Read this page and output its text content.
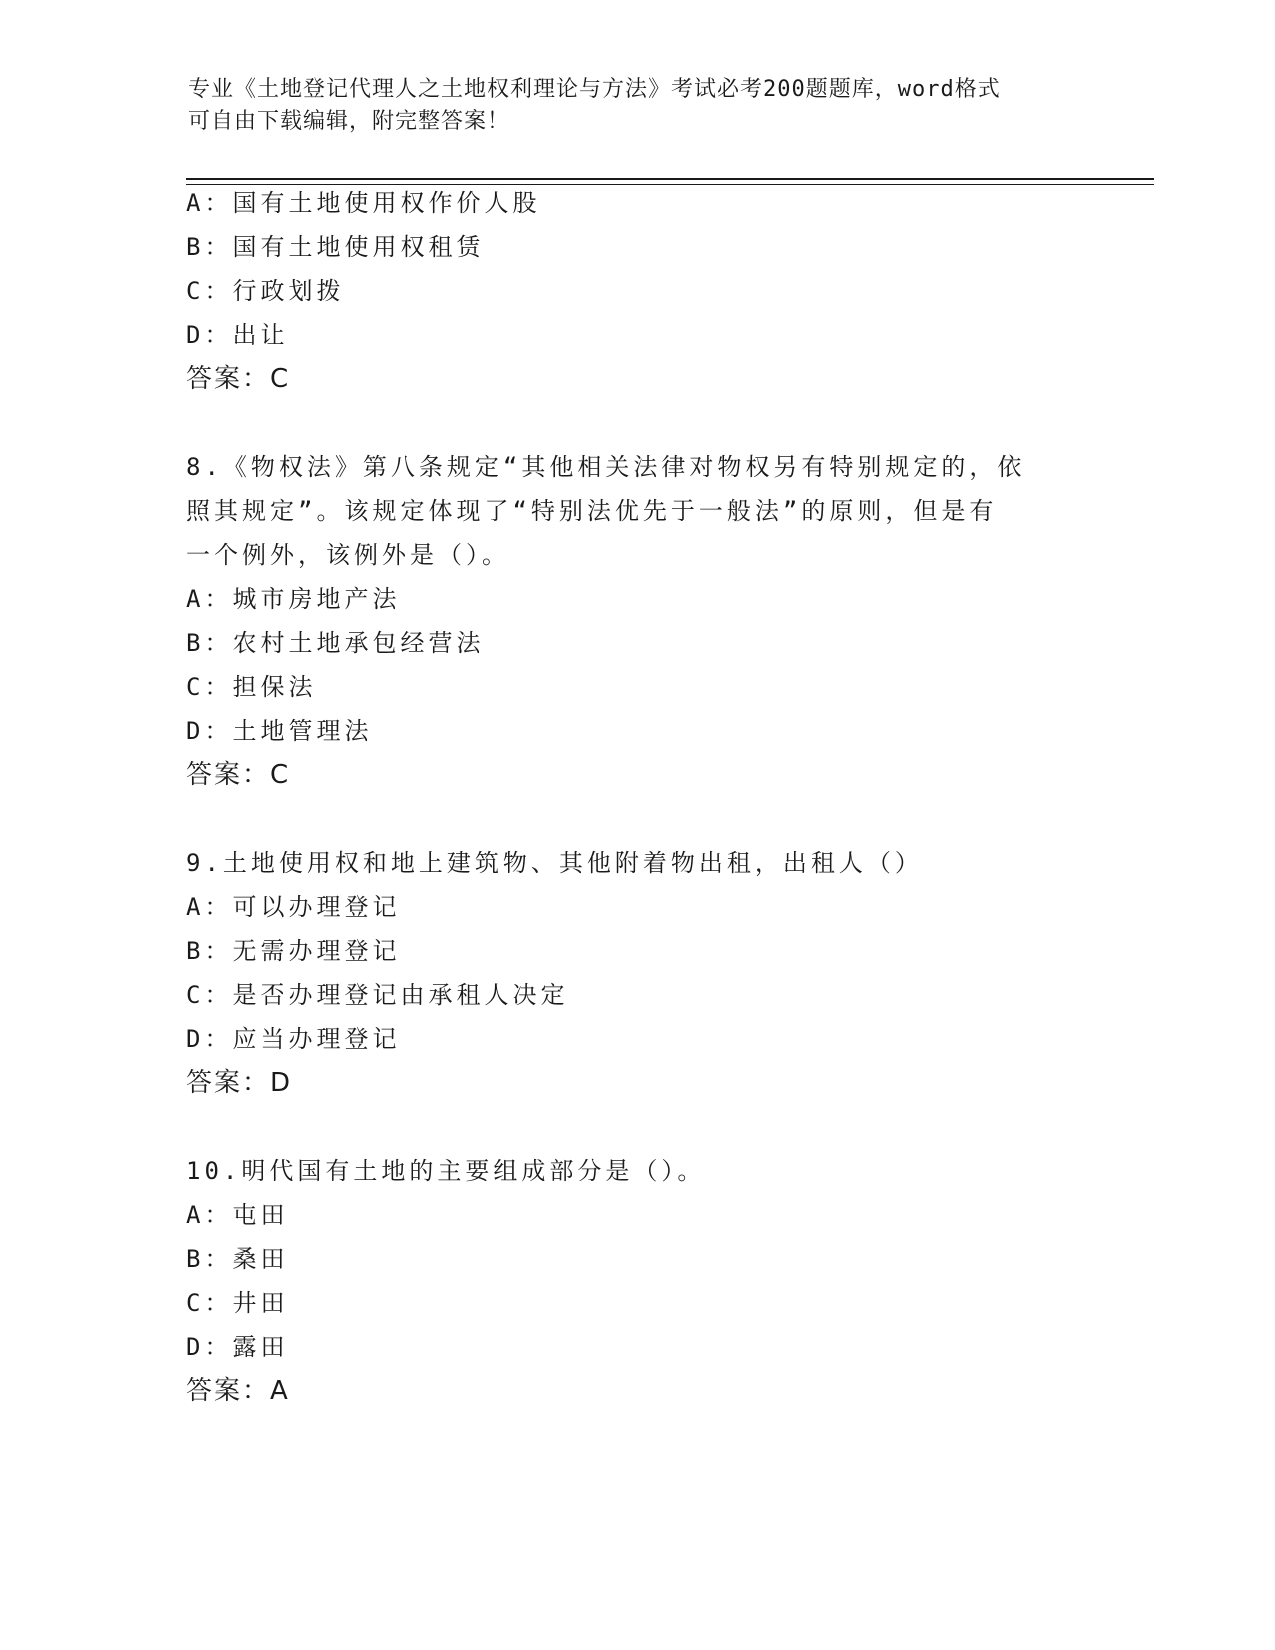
专业《土地登记代理人之土地权利理论与方法》考试必考200题题库，word格式
可自由下载编辑，附完整答案！
A：国有土地使用权作价人股
B：国有土地使用权租赁
C：行政划拨
D：出让
答案：C
8.《物权法》第八条规定“其他相关法律对物权另有特别规定的，依
照其规定”。该规定体现了“特别法优先于一般法”的原则，但是有
一个例外，该例外是（）。
A：城市房地产法
B：农村土地承包经营法
C：担保法
D：土地管理法
答案：C
9.土地使用权和地上建筑物、其他附着物出租，出租人（）
A：可以办理登记
B：无需办理登记
C：是否办理登记由承租人决定
D：应当办理登记
答案：D
10.明代国有土地的主要组成部分是（）。
A：屯田
B：桑田
C：井田
D：露田
答案：A
